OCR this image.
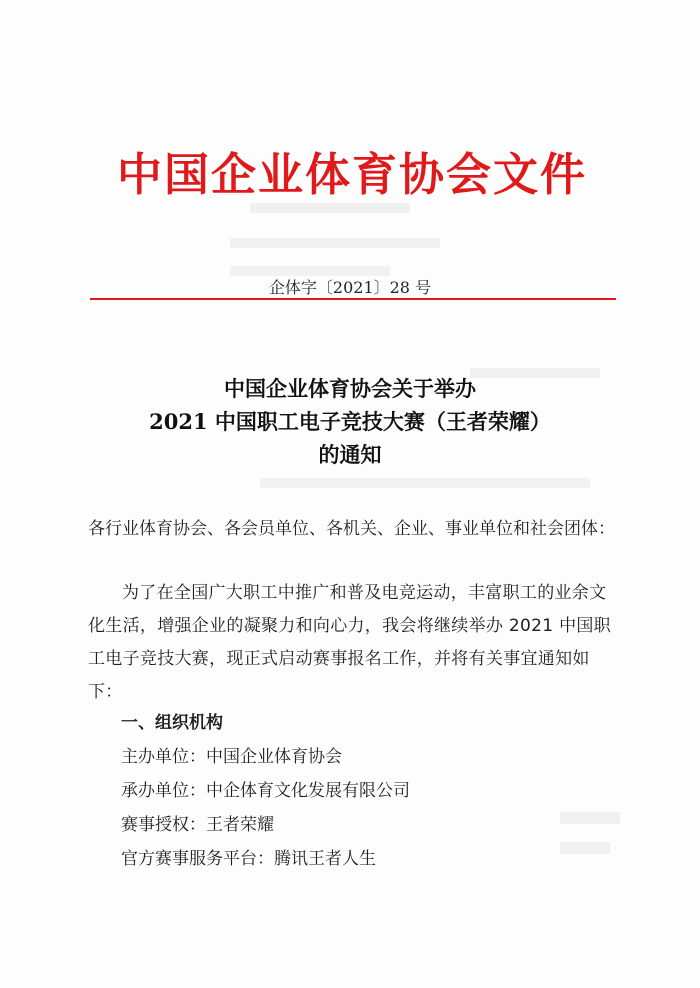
中国企业体育协会文件
企体字〔2021〕28 号
中国企业体育协会关于举办
2021 中国职工电子竞技大赛（王者荣耀）
的通知
各行业体育协会、各会员单位、各机关、企业、事业单位和社会团体：
为了在全国广大职工中推广和普及电竞运动，丰富职工的业余文化生活，增强企业的凝聚力和向心力，我会将继续举办 2021 中国职工电子竞技大赛，现正式启动赛事报名工作，并将有关事宜通知如下：
一、组织机构
主办单位：中国企业体育协会
承办单位：中企体育文化发展有限公司
赛事授权：王者荣耀
官方赛事服务平台：腾讯王者人生
